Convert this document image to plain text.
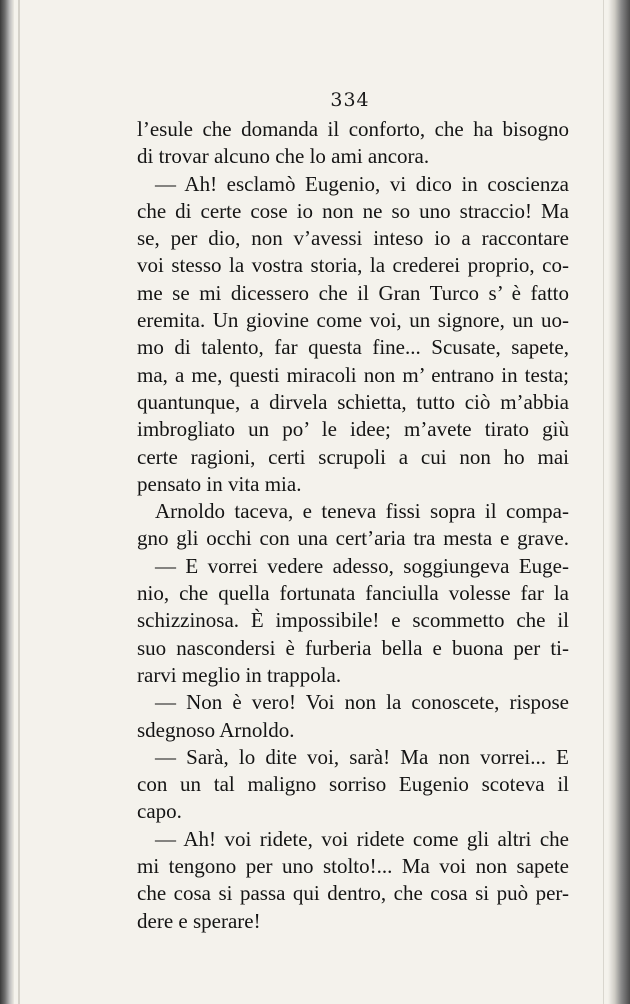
334
l’esule che domanda il conforto, che ha bisogno
di trovar alcuno che lo ami ancora.
— Ah! esclamò Eugenio, vi dico in coscienza
che di certe cose io non ne so uno straccio! Ma
se, per dio, non v’avessi inteso io a raccontare
voi stesso la vostra storia, la crederei proprio, co-
me se mi dicessero che il Gran Turco s’ è fatto
eremita. Un giovine come voi, un signore, un uo-
mo di talento, far questa fine... Scusate, sapete,
ma, a me, questi miracoli non m’ entrano in testa;
quantunque, a dirvela schietta, tutto ciò m’abbia
imbrogliato un po’ le idee; m’avete tirato giù
certe ragioni, certi scrupoli a cui non ho mai
pensato in vita mia.
Arnoldo taceva, e teneva fissi sopra il compa-
gno gli occhi con una cert’aria tra mesta e grave.
— E vorrei vedere adesso, soggiungeva Euge-
nio, che quella fortunata fanciulla volesse far la
schizzinosa. È impossibile! e scommetto che il
suo nascondersi è furberia bella e buona per ti-
rarvi meglio in trappola.
— Non è vero! Voi non la conoscete, rispose
sdegnoso Arnoldo.
— Sarà, lo dite voi, sarà! Ma non vorrei... E
con un tal maligno sorriso Eugenio scoteva il
capo.
— Ah! voi ridete, voi ridete come gli altri che
mi tengono per uno stolto!... Ma voi non sapete
che cosa si passa qui dentro, che cosa si può per-
dere e sperare!
